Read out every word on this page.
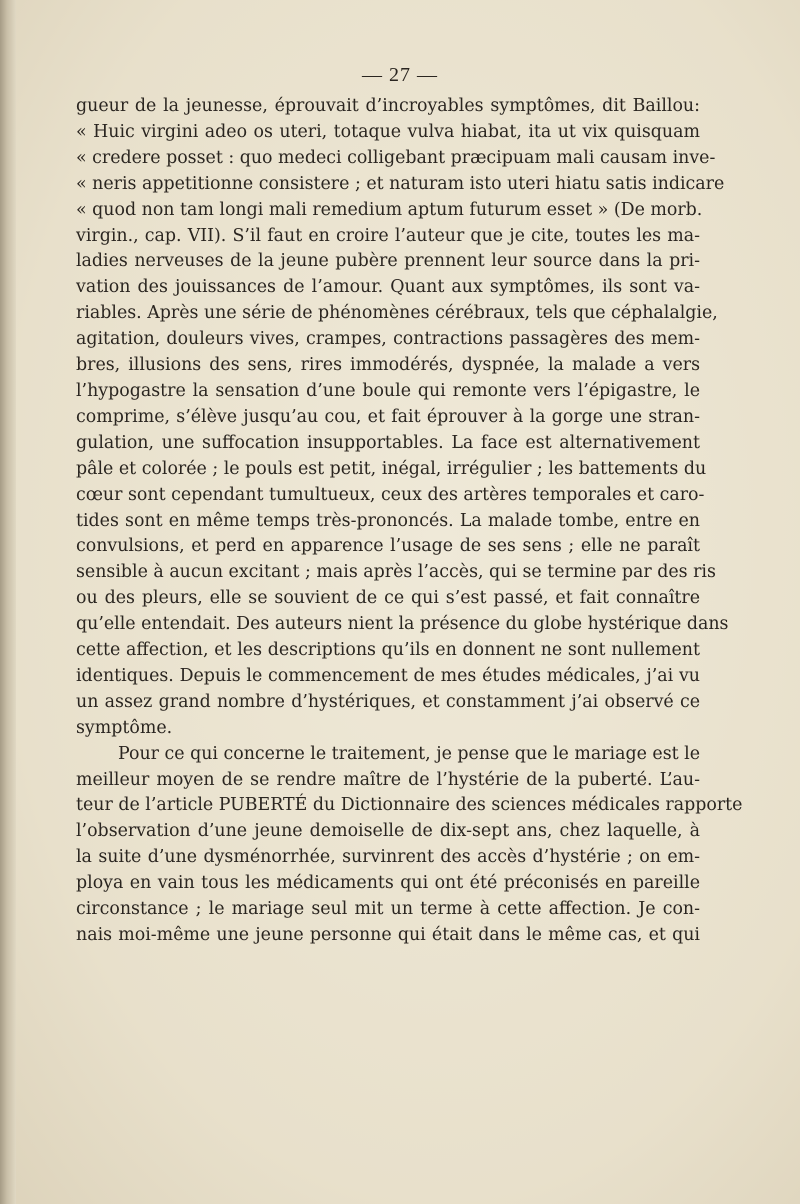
— 27 —
gueur de la jeunesse, éprouvait d’incroyables symptômes, dit Baillou:
« Huic virgini adeo os uteri, totaque vulva hiabat, ita ut vix quisquam
« credere posset : quo medeci colligebant præcipuam mali causam inve-
« neris appetitionne consistere ; et naturam isto uteri hiatu satis indicare
« quod non tam longi mali remedium aptum futurum esset » (De morb.
virgin., cap. VII). S’il faut en croire l’auteur que je cite, toutes les ma-
ladies nerveuses de la jeune pubère prennent leur source dans la pri-
vation des jouissances de l’amour. Quant aux symptômes, ils sont va-
riables. Après une série de phénomènes cérébraux, tels que céphalalgie,
agitation, douleurs vives, crampes, contractions passagères des mem-
bres, illusions des sens, rires immodérés, dyspnée, la malade a vers
l’hypogastre la sensation d’une boule qui remonte vers l’épigastre, le
comprime, s’élève jusqu’au cou, et fait éprouver à la gorge une stran-
gulation, une suffocation insupportables. La face est alternativement
pâle et colorée ; le pouls est petit, inégal, irrégulier ; les battements du
cœur sont cependant tumultueux, ceux des artères temporales et caro-
tides sont en même temps très-prononcés. La malade tombe, entre en
convulsions, et perd en apparence l’usage de ses sens ; elle ne paraît
sensible à aucun excitant ; mais après l’accès, qui se termine par des ris
ou des pleurs, elle se souvient de ce qui s’est passé, et fait connaître
qu’elle entendait. Des auteurs nient la présence du globe hystérique dans
cette affection, et les descriptions qu’ils en donnent ne sont nullement
identiques. Depuis le commencement de mes études médicales, j’ai vu
un assez grand nombre d’hystériques, et constamment j’ai observé ce
symptôme.
Pour ce qui concerne le traitement, je pense que le mariage est le
meilleur moyen de se rendre maître de l’hystérie de la puberté. L’au-
teur de l’article PUBERTÉ du Dictionnaire des sciences médicales rapporte
l’observation d’une jeune demoiselle de dix-sept ans, chez laquelle, à
la suite d’une dysménorrhée, survinrent des accès d’hystérie ; on em-
ploya en vain tous les médicaments qui ont été préconisés en pareille
circonstance ; le mariage seul mit un terme à cette affection. Je con-
nais moi-même une jeune personne qui était dans le même cas, et qui
